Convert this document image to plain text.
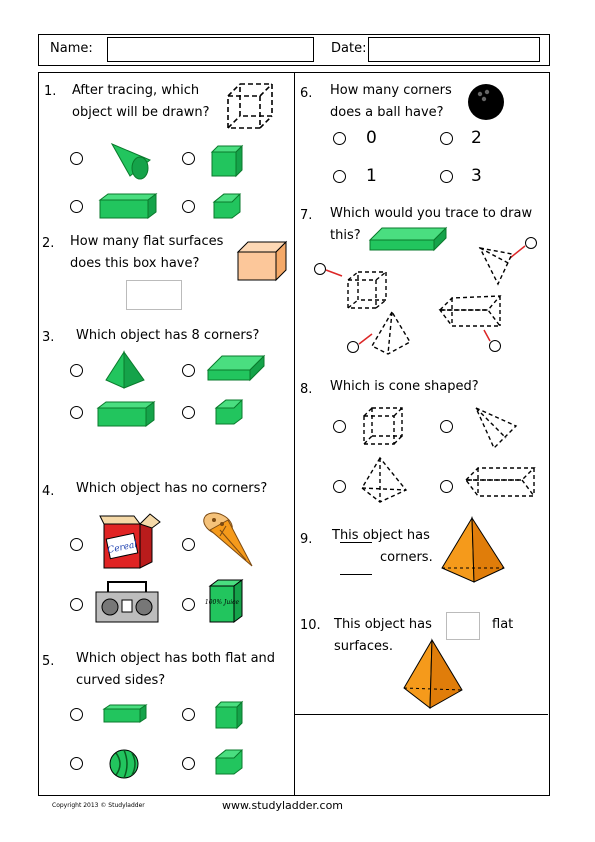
Name:	Date:
1. After tracing, which
object will be drawn?
2. How many flat surfaces
does this box have?
3. Which object has 8 corners?
4. Which object has no corners?
Cereal
100% Juice
5. Which object has both flat and
curved sides?
6. How many corners
does a ball have?
0	2
1	3
7. Which would you trace to draw
this?
8. Which is cone shaped?
9. This object has
corners.
10. This object has	flat
surfaces.
Copyright 2013 © Studyladder	www.studyladder.com
